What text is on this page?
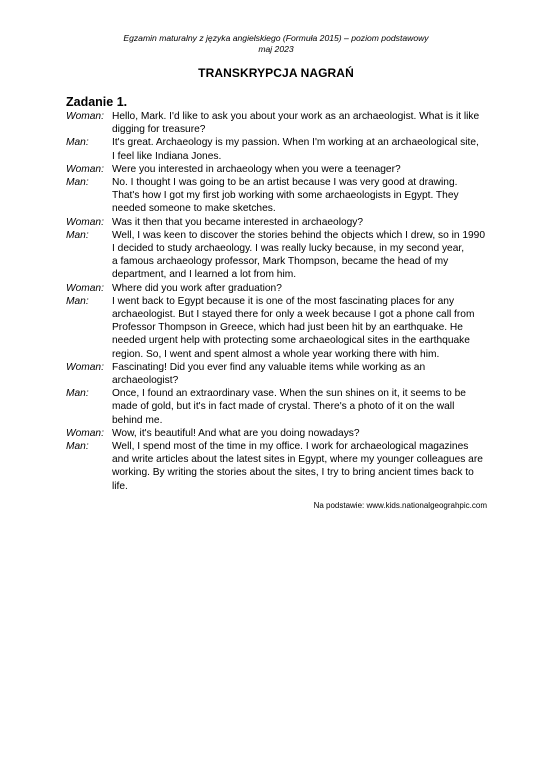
Egzamin maturalny z języka angielskiego (Formuła 2015) – poziom podstawowy
maj 2023
TRANSKRYPCJA NAGRAŃ
Zadanie 1.
Woman: Hello, Mark. I'd like to ask you about your work as an archaeologist. What is it like
digging for treasure?
Man:	It's great. Archaeology is my passion. When I'm working at an archaeological site,
I feel like Indiana Jones.
Woman: Were you interested in archaeology when you were a teenager?
Man:	No. I thought I was going to be an artist because I was very good at drawing.
That's how I got my first job working with some archaeologists in Egypt. They
needed someone to make sketches.
Woman: Was it then that you became interested in archaeology?
Man:	Well, I was keen to discover the stories behind the objects which I drew, so in 1990
I decided to study archaeology. I was really lucky because, in my second year,
a famous archaeology professor, Mark Thompson, became the head of my
department, and I learned a lot from him.
Woman: Where did you work after graduation?
Man:	I went back to Egypt because it is one of the most fascinating places for any
archaeologist. But I stayed there for only a week because I got a phone call from
Professor Thompson in Greece, which had just been hit by an earthquake. He
needed urgent help with protecting some archaeological sites in the earthquake
region. So, I went and spent almost a whole year working there with him.
Woman: Fascinating! Did you ever find any valuable items while working as an
archaeologist?
Man:	Once, I found an extraordinary vase. When the sun shines on it, it seems to be
made of gold, but it's in fact made of crystal. There's a photo of it on the wall
behind me.
Woman: Wow, it's beautiful! And what are you doing nowadays?
Man:	Well, I spend most of the time in my office. I work for archaeological magazines
and write articles about the latest sites in Egypt, where my younger colleagues are
working. By writing the stories about the sites, I try to bring ancient times back to
life.
Na podstawie: www.kids.nationalgeograhpic.com
